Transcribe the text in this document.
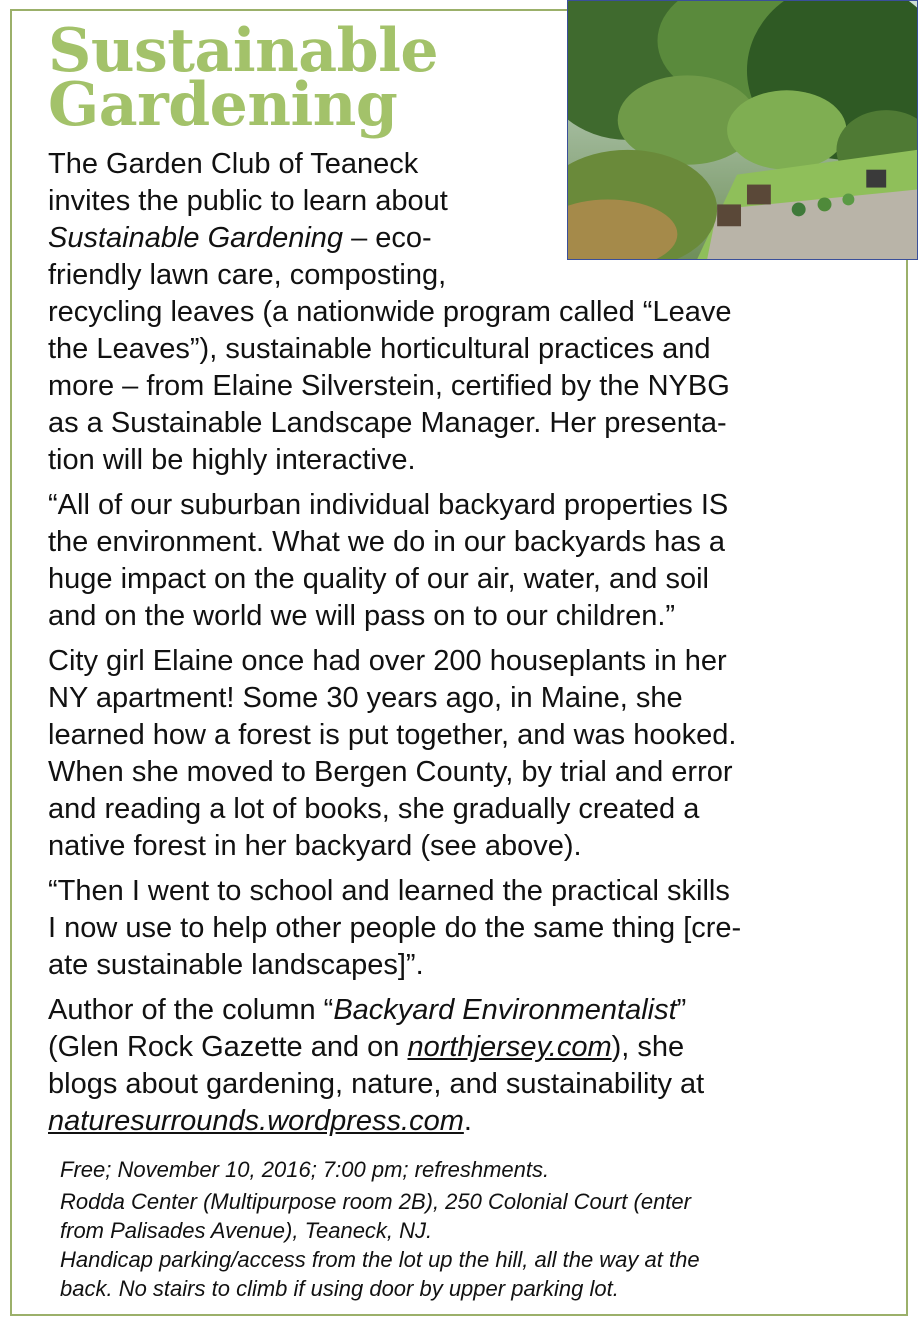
Sustainable
Gardening
The Garden Club of Teaneck
invites the public to learn about
Sustainable Gardening – eco-
friendly lawn care, composting,
recycling leaves (a nationwide program called “Leave
the Leaves”), sustainable horticultural practices and
more – from Elaine Silverstein, certified by the NYBG
as a Sustainable Landscape Manager. Her presenta-
tion will be highly interactive.
“All of our suburban individual backyard properties IS
the environment. What we do in our backyards has a
huge impact on the quality of our air, water, and soil
and on the world we will pass on to our children.”
City girl Elaine once had over 200 houseplants in her
NY apartment! Some 30 years ago, in Maine, she
learned how a forest is put together, and was hooked.
When she moved to Bergen County, by trial and error
and reading a lot of books, she gradually created a
native forest in her backyard (see above).
“Then I went to school and learned the practical skills
I now use to help other people do the same thing [cre-
ate sustainable landscapes]”.
Author of the column “Backyard Environmentalist”
(Glen Rock Gazette and on northjersey.com), she
blogs about gardening, nature, and sustainability at
naturesurrounds.wordpress.com.
Free; November 10, 2016; 7:00 pm; refreshments.
Rodda Center (Multipurpose room 2B), 250 Colonial Court (enter
from Palisades Avenue), Teaneck, NJ.
Handicap parking/access from the lot up the hill, all the way at the
back. No stairs to climb if using door by upper parking lot.
